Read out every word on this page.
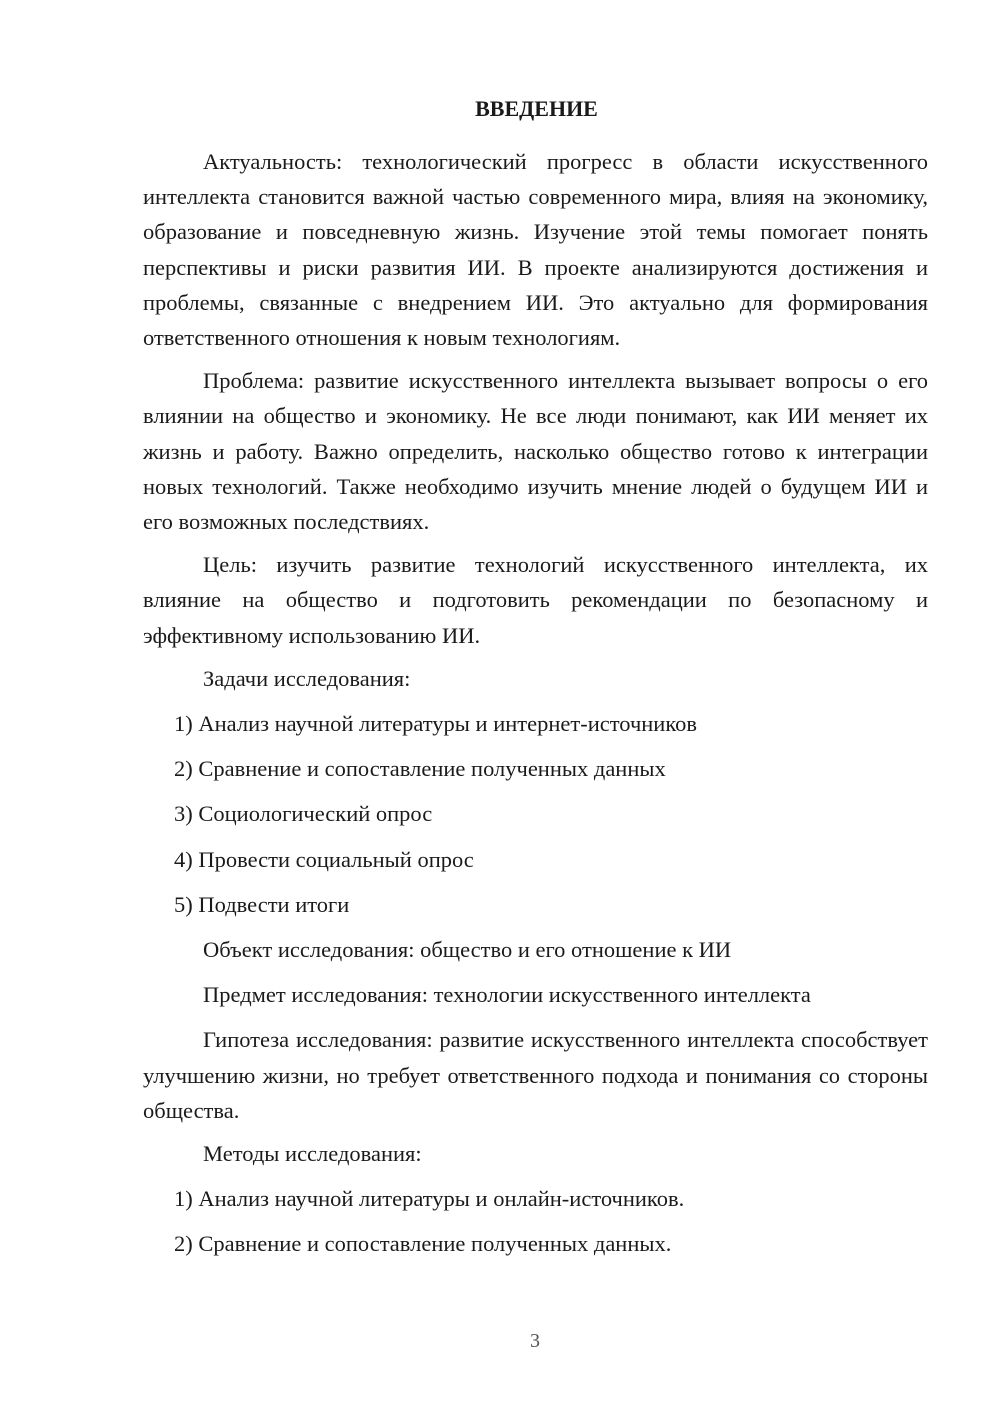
ВВЕДЕНИЕ

Актуальность: технологический прогресс в области искусственного интеллекта становится важной частью современного мира, влияя на экономику, образование и повседневную жизнь. Изучение этой темы помогает понять перспективы и риски развития ИИ. В проекте анализируются достижения и проблемы, связанные с внедрением ИИ. Это актуально для формирования ответственного отношения к новым технологиям.

Проблема: развитие искусственного интеллекта вызывает вопросы о его влиянии на общество и экономику. Не все люди понимают, как ИИ меняет их жизнь и работу. Важно определить, насколько общество готово к интеграции новых технологий. Также необходимо изучить мнение людей о будущем ИИ и его возможных последствиях.

Цель: изучить развитие технологий искусственного интеллекта, их влияние на общество и подготовить рекомендации по безопасному и эффективному использованию ИИ.

Задачи исследования:
1) Анализ научной литературы и интернет-источников
2) Сравнение и сопоставление полученных данных
3) Социологический опрос
4) Провести социальный опрос
5) Подвести итоги
Объект исследования: общество и его отношение к ИИ
Предмет исследования: технологии искусственного интеллекта

Гипотеза исследования: развитие искусственного интеллекта способствует улучшению жизни, но требует ответственного подхода и понимания со стороны общества.

Методы исследования:
1) Анализ научной литературы и онлайн-источников.
2) Сравнение и сопоставление полученных данных.
3
